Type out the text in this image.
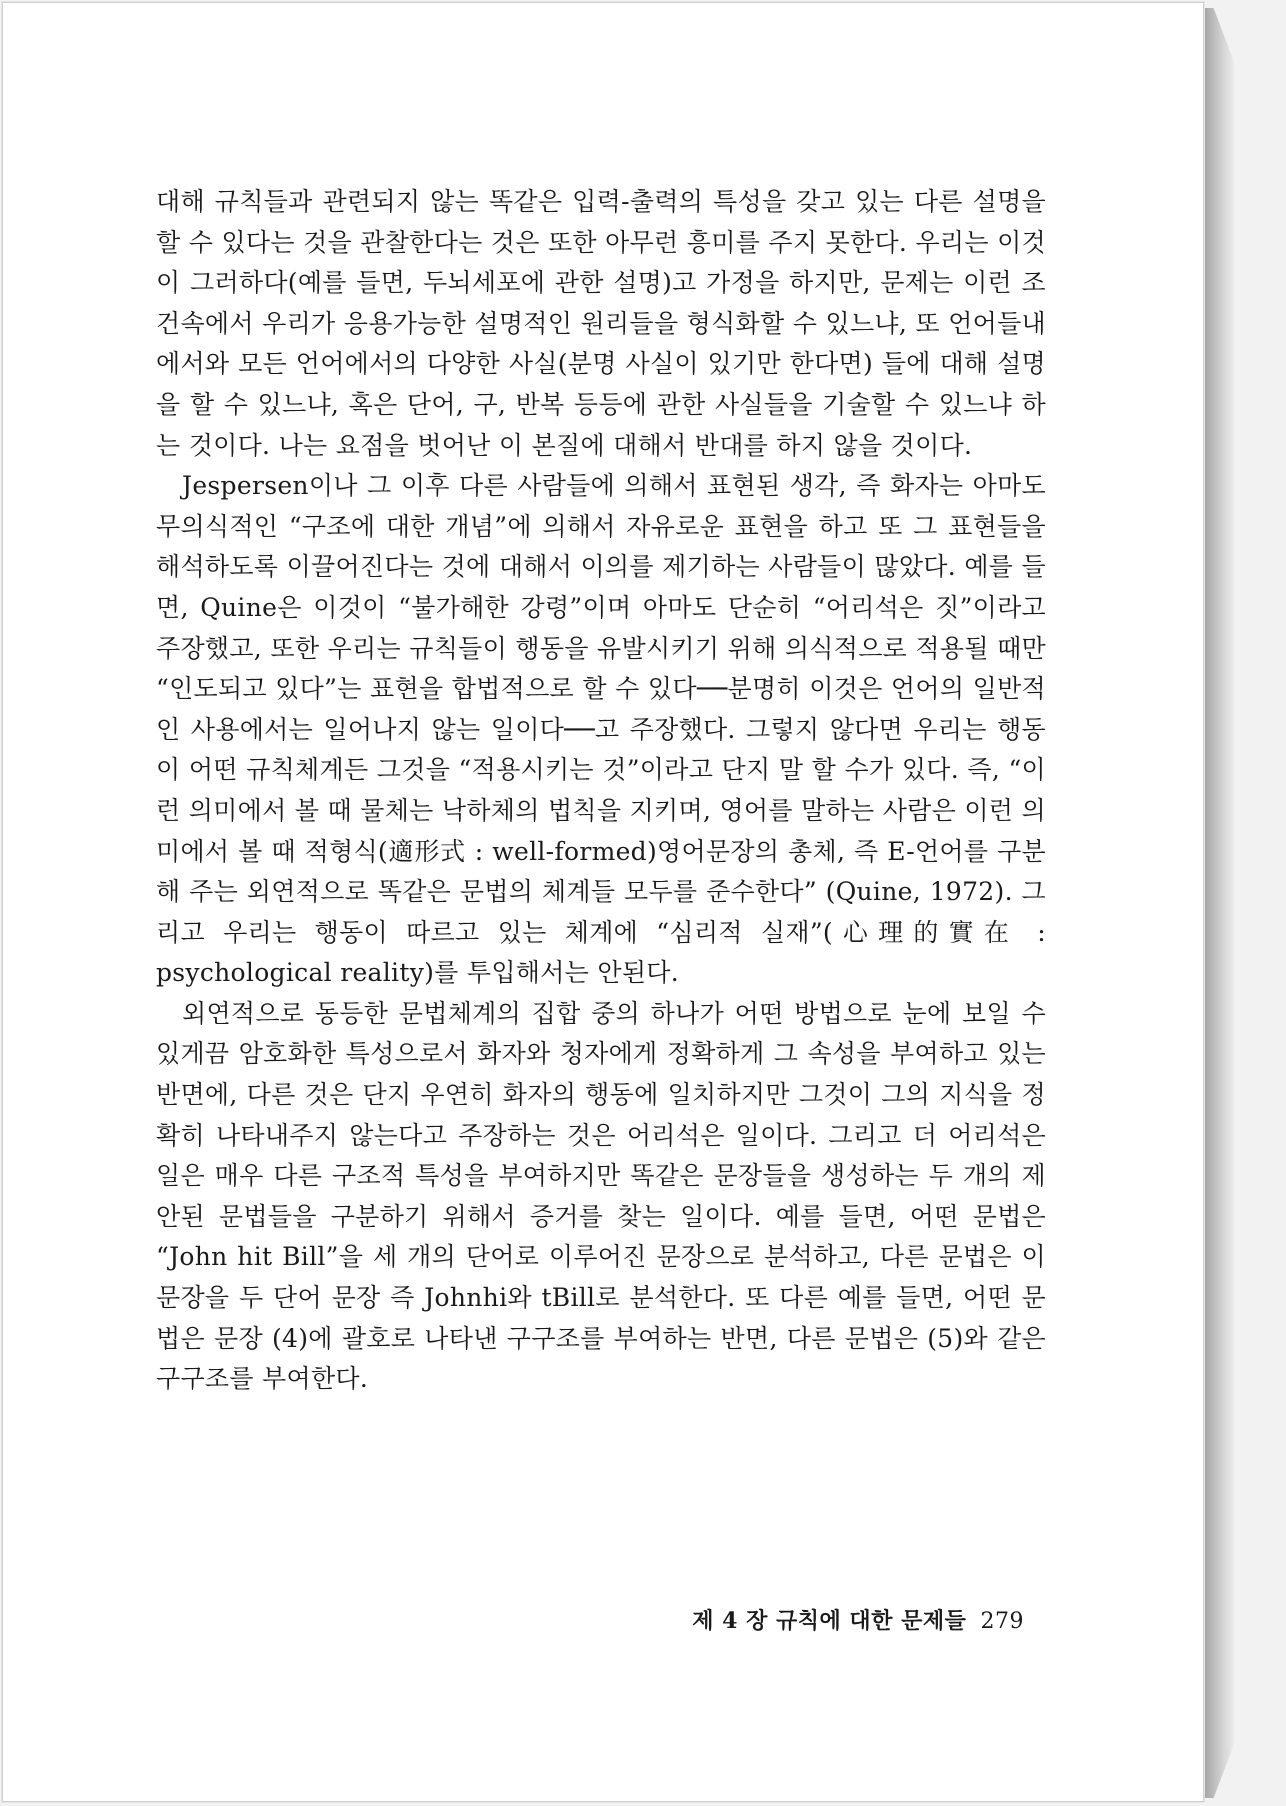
대해 규칙들과 관련되지 않는 똑같은 입력-출력의 특성을 갖고 있는 다른 설명을 할 수 있다는 것을 관찰한다는 것은 또한 아무런 흥미를 주지 못한다. 우리는 이것이 그러하다(예를 들면, 두뇌세포에 관한 설명)고 가정을 하지만, 문제는 이런 조건속에서 우리가 응용가능한 설명적인 원리들을 형식화할 수 있느냐, 또 언어들내에서와 모든 언어에서의 다양한 사실(분명 사실이 있기만 한다면) 들에 대해 설명을 할 수 있느냐, 혹은 단어, 구, 반복 등등에 관한 사실들을 기술할 수 있느냐 하는 것이다. 나는 요점을 벗어난 이 본질에 대해서 반대를 하지 않을 것이다.

Jespersen이나 그 이후 다른 사람들에 의해서 표현된 생각, 즉 화자는 아마도 무의식적인 “구조에 대한 개념”에 의해서 자유로운 표현을 하고 또 그 표현들을 해석하도록 이끌어진다는 것에 대해서 이의를 제기하는 사람들이 많았다. 예를 들면, Quine은 이것이 “불가해한 강령”이며 아마도 단순히 “어리석은 짓”이라고 주장했고, 또한 우리는 규칙들이 행동을 유발시키기 위해 의식적으로 적용될 때만 “인도되고 있다”는 표현을 합법적으로 할 수 있다──분명히 이것은 언어의 일반적인 사용에서는 일어나지 않는 일이다──고 주장했다. 그렇지 않다면 우리는 행동이 어떤 규칙체계든 그것을 “적용시키는 것”이라고 단지 말 할 수가 있다. 즉, “이런 의미에서 볼 때 물체는 낙하체의 법칙을 지키며, 영어를 말하는 사람은 이런 의미에서 볼 때 적형식(適形式 : well-formed)영어문장의 총체, 즉 E-언어를 구분해 주는 외연적으로 똑같은 문법의 체계들 모두를 준수한다” (Quine, 1972). 그리고 우리는 행동이 따르고 있는 체계에 “심리적 실재”(心理的實在 : psychological reality)를 투입해서는 안된다.

외연적으로 동등한 문법체계의 집합 중의 하나가 어떤 방법으로 눈에 보일 수 있게끔 암호화한 특성으로서 화자와 청자에게 정확하게 그 속성을 부여하고 있는 반면에, 다른 것은 단지 우연히 화자의 행동에 일치하지만 그것이 그의 지식을 정확히 나타내주지 않는다고 주장하는 것은 어리석은 일이다. 그리고 더 어리석은 일은 매우 다른 구조적 특성을 부여하지만 똑같은 문장들을 생성하는 두 개의 제안된 문법들을 구분하기 위해서 증거를 찾는 일이다. 예를 들면, 어떤 문법은 “John hit Bill”을 세 개의 단어로 이루어진 문장으로 분석하고, 다른 문법은 이 문장을 두 단어 문장 즉 Johnhi와 tBill로 분석한다. 또 다른 예를 들면, 어떤 문법은 문장 (4)에 괄호로 나타낸 구구조를 부여하는 반면, 다른 문법은 (5)와 같은 구구조를 부여한다.

제 4 장 규칙에 대한 문제들 279
